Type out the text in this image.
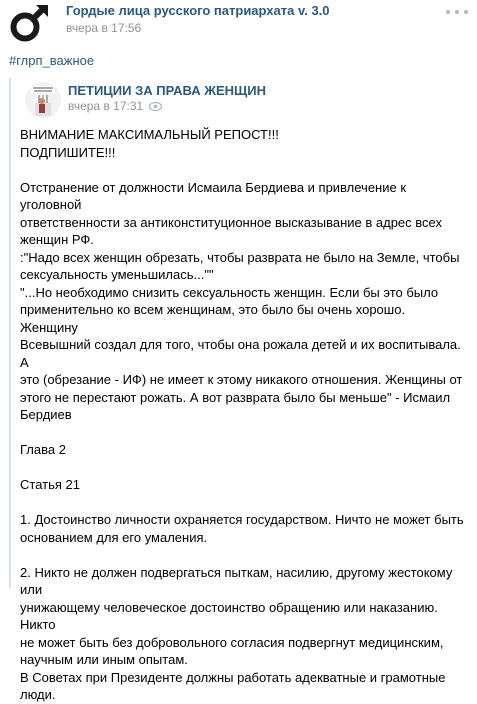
Гордые лица русского патриархата v. 3.0
вчера в 17:56
#глрп_важное
ПЕТИЦИИ ЗА ПРАВА ЖЕНЩИН
вчера в 17:31

ВНИМАНИЕ МАКСИМАЛЬНЫЙ РЕПОСТ!!!

ПОДПИШИТЕ!!!

Отстранение от должности Исмаила Бердиева и привлечение к уголовной

ответственности за антиконституционное высказывание в адрес всех

женщин РФ.

:"Надо всех женщин обрезать, чтобы разврата не было на Земле, чтобы

сексуальность уменьшилась...""

"...Но необходимо снизить сексуальность женщин. Если бы это было

применительно ко всем женщинам, это было бы очень хорошо. Женщину

Всевышний создал для того, чтобы она рожала детей и их воспитывала. А

это (обрезание - ИФ) не имеет к этому никакого отношения. Женщины от

этого не перестают рожать. А вот разврата было бы меньше" - Исмаил

Бердиев

Глава 2

Статья 21

1. Достоинство личности охраняется государством. Ничто не может быть

основанием для его умаления.

2. Никто не должен подвергаться пыткам, насилию, другому жестокому или

унижающему человеческое достоинство обращению или наказанию. Никто

не может быть без добровольного согласия подвергнут медицинским,

научным или иным опытам.

В Советах при Президенте должны работать адекватные и грамотные люди.
